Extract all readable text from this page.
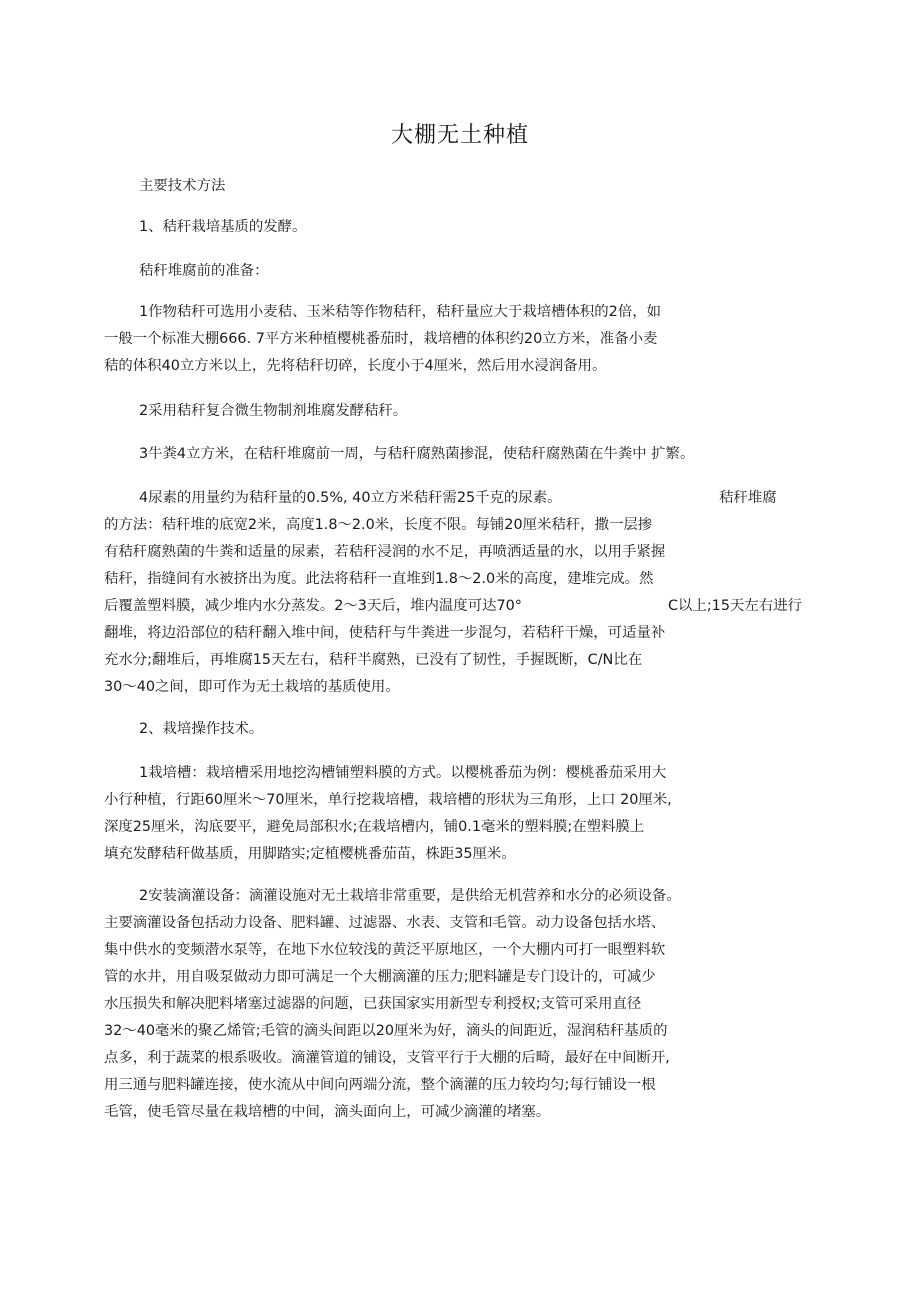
大棚无土种植
主要技术方法
1、秸秆栽培基质的发酵。
秸秆堆腐前的准备：
1作物秸秆可选用小麦秸、玉米秸等作物秸秆，秸秆量应大于栽培槽体积的2倍，如
一般一个标准大棚666. 7平方米种植樱桃番茄时，栽培槽的体积约20立方米，准备小麦
秸的体积40立方米以上，先将秸秆切碎，长度小于4厘米，然后用水浸润备用。
2采用秸秆复合微生物制剂堆腐发酵秸秆。
3牛粪4立方米，在秸秆堆腐前一周，与秸秆腐熟菌掺混，使秸秆腐熟菌在牛粪中 扩繁。
4尿素的用量约为秸秆量的0.5%, 40立方米秸秆需25千克的尿素。	秸秆堆腐
的方法：秸秆堆的底宽2米，高度1.8～2.0米，长度不限。每铺20厘米秸秆，撒一层掺
有秸秆腐熟菌的牛粪和适量的尿素，若秸秆浸润的水不足，再喷洒适量的水，以用手紧握
秸秆，指缝间有水被挤出为度。此法将秸秆一直堆到1.8～2.0米的高度，建堆完成。然
后覆盖塑料膜，减少堆内水分蒸发。2～3天后，堆内温度可达70°	C以上;15天左右进行
翻堆，将边沿部位的秸秆翻入堆中间，使秸秆与牛粪进一步混匀，若秸秆干燥，可适量补
充水分;翻堆后，再堆腐15天左右，秸秆半腐熟，已没有了韧性，手握既断，C/N比在
30～40之间，即可作为无土栽培的基质使用。
2、栽培操作技术。
1栽培槽：栽培槽采用地挖沟槽铺塑料膜的方式。以樱桃番茄为例：樱桃番茄采用大
小行种植，行距60厘米〜70厘米，单行挖栽培槽，栽培槽的形状为三角形，上口 20厘米,
深度25厘米，沟底要平，避免局部积水;在栽培槽内，铺0.1毫米的塑料膜;在塑料膜上
填充发酵秸秆做基质，用脚踏实;定植樱桃番茄苗，株距35厘米。
2安装滴灌设备：滴灌设施对无土栽培非常重要，是供给无机营养和水分的必须设备。
主要滴灌设备包括动力设备、肥料罐、过滤器、水表、支管和毛管。动力设备包括水塔、
集中供水的变频潜水泵等，在地下水位较浅的黄泛平原地区，一个大棚内可打一眼塑料软
管的水井，用自吸泵做动力即可满足一个大棚滴灌的压力;肥料罐是专门设计的，可减少
水压损失和解决肥料堵塞过滤器的问题，已获国家实用新型专利授权;支管可采用直径
32～40毫米的聚乙烯管;毛管的滴头间距以20厘米为好，滴头的间距近，湿润秸秆基质的
点多，利于蔬菜的根系吸收。滴灌管道的铺设，支管平行于大棚的后畸，最好在中间断开,
用三通与肥料罐连接，使水流从中间向两端分流，整个滴灌的压力较均匀;每行铺设一根
毛管，使毛管尽量在栽培槽的中间，滴头面向上，可减少滴灌的堵塞。
